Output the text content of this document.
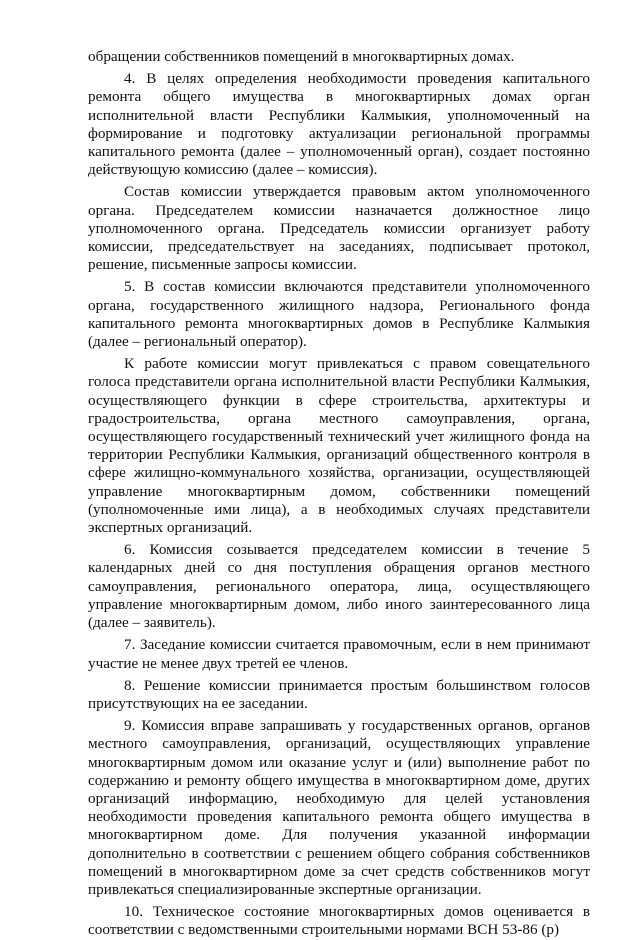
обращении собственников помещений в многоквартирных домах.

4. В целях определения необходимости проведения капитального ремонта общего имущества в многоквартирных домах орган исполнительной власти Республики Калмыкия, уполномоченный на формирование и подготовку актуализации региональной программы капитального ремонта (далее – уполномоченный орган), создает постоянно действующую комиссию (далее – комиссия).

Состав комиссии утверждается правовым актом уполномоченного органа. Председателем комиссии назначается должностное лицо уполномоченного органа. Председатель комиссии организует работу комиссии, председательствует на заседаниях, подписывает протокол, решение, письменные запросы комиссии.

5. В состав комиссии включаются представители уполномоченного органа, государственного жилищного надзора, Регионального фонда капитального ремонта многоквартирных домов в Республике Калмыкия (далее – региональный оператор).

К работе комиссии могут привлекаться с правом совещательного голоса представители органа исполнительной власти Республики Калмыкия, осуществляющего функции в сфере строительства, архитектуры и градостроительства, органа местного самоуправления, органа, осуществляющего государственный технический учет жилищного фонда на территории Республики Калмыкия, организаций общественного контроля в сфере жилищно-коммунального хозяйства, организации, осуществляющей управление многоквартирным домом, собственники помещений (уполномоченные ими лица), а в необходимых случаях представители экспертных организаций.

6. Комиссия созывается председателем комиссии в течение 5 календарных дней со дня поступления обращения органов местного самоуправления, регионального оператора, лица, осуществляющего управление многоквартирным домом, либо иного заинтересованного лица (далее – заявитель).

7. Заседание комиссии считается правомочным, если в нем принимают участие не менее двух третей ее членов.

8. Решение комиссии принимается простым большинством голосов присутствующих на ее заседании.

9. Комиссия вправе запрашивать у государственных органов, органов местного самоуправления, организаций, осуществляющих управление многоквартирным домом или оказание услуг и (или) выполнение работ по содержанию и ремонту общего имущества в многоквартирном доме, других организаций информацию, необходимую для целей установления необходимости проведения капитального ремонта общего имущества в многоквартирном доме. Для получения указанной информации дополнительно в соответствии с решением общего собрания собственников помещений в многоквартирном доме за счет средств собственников могут привлекаться специализированные экспертные организации.

10. Техническое состояние многоквартирных домов оценивается в соответствии с ведомственными строительными нормами ВСН 53-86 (р)
